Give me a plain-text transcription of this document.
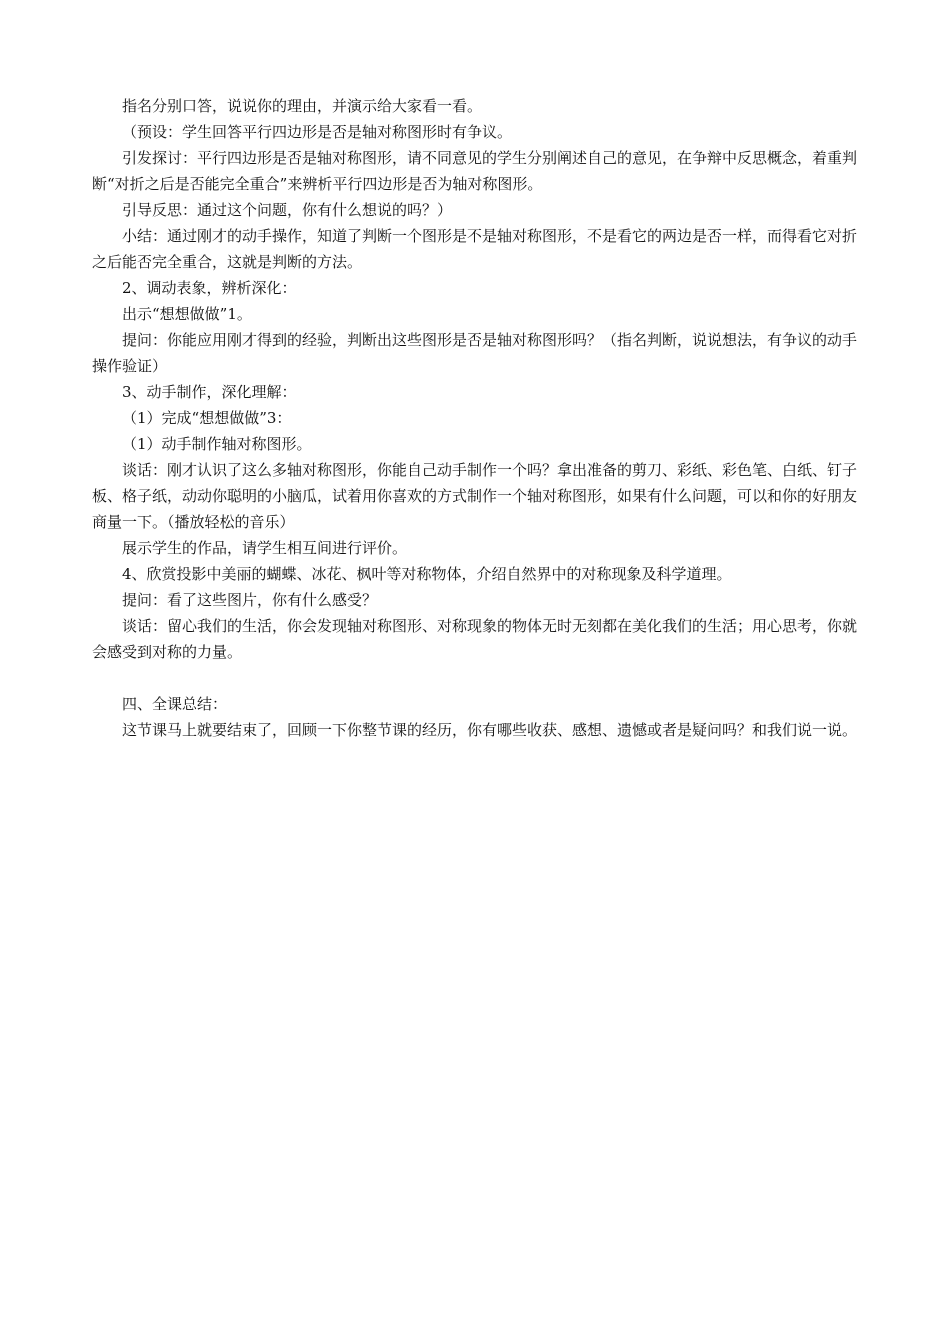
指名分别口答，说说你的理由，并演示给大家看一看。

（预设：学生回答平行四边形是否是轴对称图形时有争议。

引发探讨：平行四边形是否是轴对称图形，请不同意见的学生分别阐述自己的意见，在争辩中反思概念，着重判断“对折之后是否能完全重合”来辨析平行四边形是否为轴对称图形。

引导反思：通过这个问题，你有什么想说的吗？）

小结：通过刚才的动手操作，知道了判断一个图形是不是轴对称图形，不是看它的两边是否一样，而得看它对折之后能否完全重合，这就是判断的方法。

2、调动表象，辨析深化：

出示“想想做做”1。

提问：你能应用刚才得到的经验，判断出这些图形是否是轴对称图形吗？（指名判断，说说想法，有争议的动手操作验证）

3、动手制作，深化理解：

（1）完成“想想做做”3：

（1）动手制作轴对称图形。

谈话：刚才认识了这么多轴对称图形，你能自己动手制作一个吗？拿出准备的剪刀、彩纸、彩色笔、白纸、钉子板、格子纸，动动你聪明的小脑瓜，试着用你喜欢的方式制作一个轴对称图形，如果有什么问题，可以和你的好朋友商量一下。（播放轻松的音乐）

展示学生的作品，请学生相互间进行评价。

4、欣赏投影中美丽的蝴蝶、冰花、枫叶等对称物体，介绍自然界中的对称现象及科学道理。

提问：看了这些图片，你有什么感受？

谈话：留心我们的生活，你会发现轴对称图形、对称现象的物体无时无刻都在美化我们的生活；用心思考，你就会感受到对称的力量。

四、全课总结：

这节课马上就要结束了，回顾一下你整节课的经历，你有哪些收获、感想、遗憾或者是疑问吗？和我们说一说。
